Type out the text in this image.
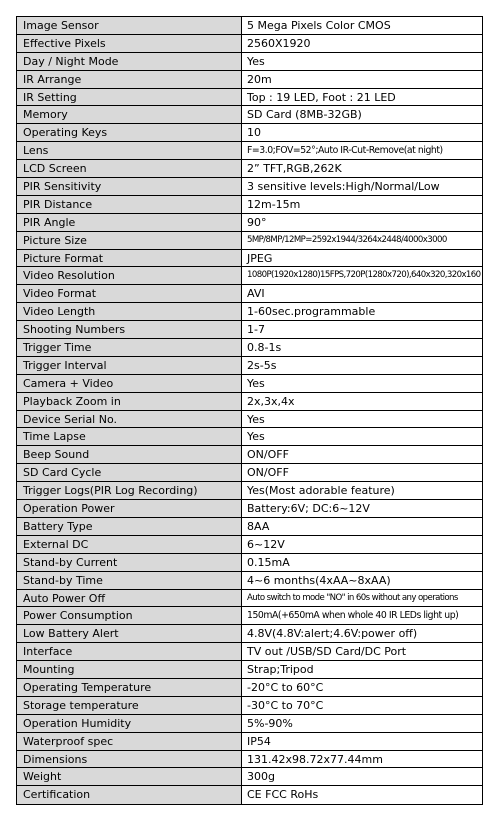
Image Sensor	5 Mega Pixels Color CMOS
Effective Pixels	2560X1920
Day / Night Mode	Yes
IR Arrange	20m
IR Setting	Top : 19 LED, Foot : 21 LED
Memory	SD Card (8MB-32GB)
Operating Keys	10
Lens	F=3.0;FOV=52°;Auto IR-Cut-Remove(at night)
LCD Screen	2” TFT,RGB,262K
PIR Sensitivity	3 sensitive levels:High/Normal/Low
PIR Distance	12m-15m
PIR Angle	90°
Picture Size	5MP/8MP/12MP=2592x1944/3264x2448/4000x3000
Picture Format	JPEG
Video Resolution	1080P(1920x1280)15FPS,720P(1280x720),640x320,320x160
Video Format	AVI
Video Length	1-60sec.programmable
Shooting Numbers	1-7
Trigger Time	0.8-1s
Trigger Interval	2s-5s
Camera + Video	Yes
Playback Zoom in	2x,3x,4x
Device Serial No.	Yes
Time Lapse	Yes
Beep Sound	ON/OFF
SD Card Cycle	ON/OFF
Trigger Logs(PIR Log Recording)	Yes(Most adorable feature)
Operation Power	Battery:6V; DC:6~12V
Battery Type	8AA
External DC	6~12V
Stand-by Current	0.15mA
Stand-by Time	4~6 months(4xAA~8xAA)
Auto Power Off	Auto switch to mode "NO" in 60s without any operations
Power Consumption	150mA(+650mA when whole 40 IR LEDs light up)
Low Battery Alert	4.8V(4.8V:alert;4.6V:power off)
Interface	TV out /USB/SD Card/DC Port
Mounting	Strap;Tripod
Operating Temperature	-20°C to 60°C
Storage temperature	-30°C to 70°C
Operation Humidity	5%-90%
Waterproof spec	IP54
Dimensions	131.42x98.72x77.44mm
Weight	300g
Certification	CE FCC RoHs
